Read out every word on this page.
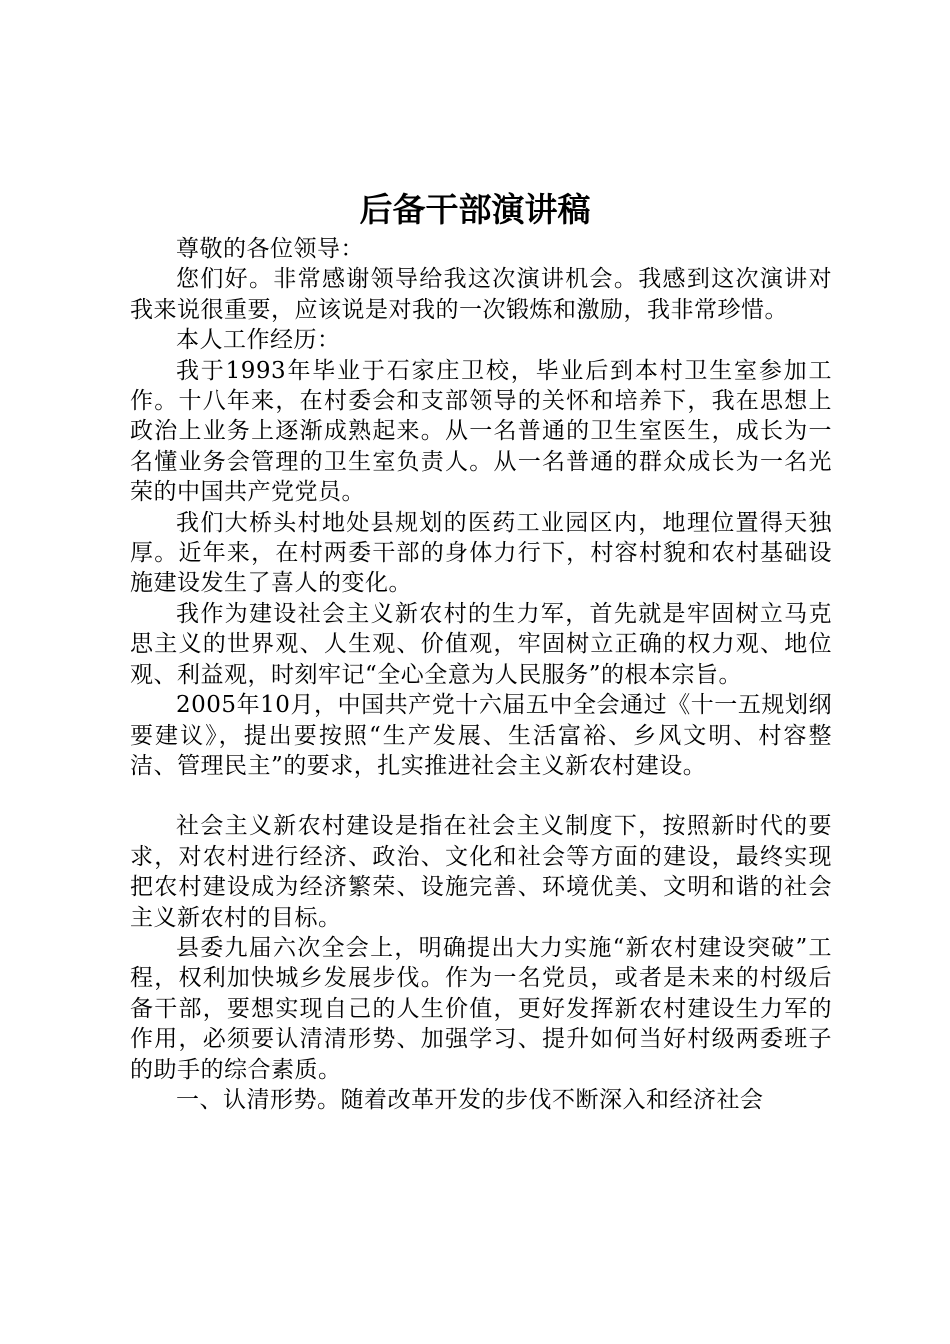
后备干部演讲稿

尊敬的各位领导：

您们好。非常感谢领导给我这次演讲机会。我感到这次演讲对我来说很重要，应该说是对我的一次锻炼和激励，我非常珍惜。

本人工作经历：

我于1993年毕业于石家庄卫校，毕业后到本村卫生室参加工作。十八年来，在村委会和支部领导的关怀和培养下，我在思想上政治上业务上逐渐成熟起来。从一名普通的卫生室医生，成长为一名懂业务会管理的卫生室负责人。从一名普通的群众成长为一名光荣的中国共产党党员。

我们大桥头村地处县规划的医药工业园区内，地理位置得天独厚。近年来，在村两委干部的身体力行下，村容村貌和农村基础设施建设发生了喜人的变化。

我作为建设社会主义新农村的生力军，首先就是牢固树立马克思主义的世界观、人生观、价值观，牢固树立正确的权力观、地位观、利益观，时刻牢记“全心全意为人民服务”的根本宗旨。

2005年10月，中国共产党十六届五中全会通过《十一五规划纲要建议》，提出要按照“生产发展、生活富裕、乡风文明、村容整洁、管理民主”的要求，扎实推进社会主义新农村建设。

社会主义新农村建设是指在社会主义制度下，按照新时代的要求，对农村进行经济、政治、文化和社会等方面的建设，最终实现把农村建设成为经济繁荣、设施完善、环境优美、文明和谐的社会主义新农村的目标。

县委九届六次全会上，明确提出大力实施“新农村建设突破”工程，权利加快城乡发展步伐。作为一名党员，或者是未来的村级后备干部，要想实现自己的人生价值，更好发挥新农村建设生力军的作用，必须要认清清形势、加强学习、提升如何当好村级两委班子的助手的综合素质。

一、认清形势。随着改革开发的步伐不断深入和经济社会
